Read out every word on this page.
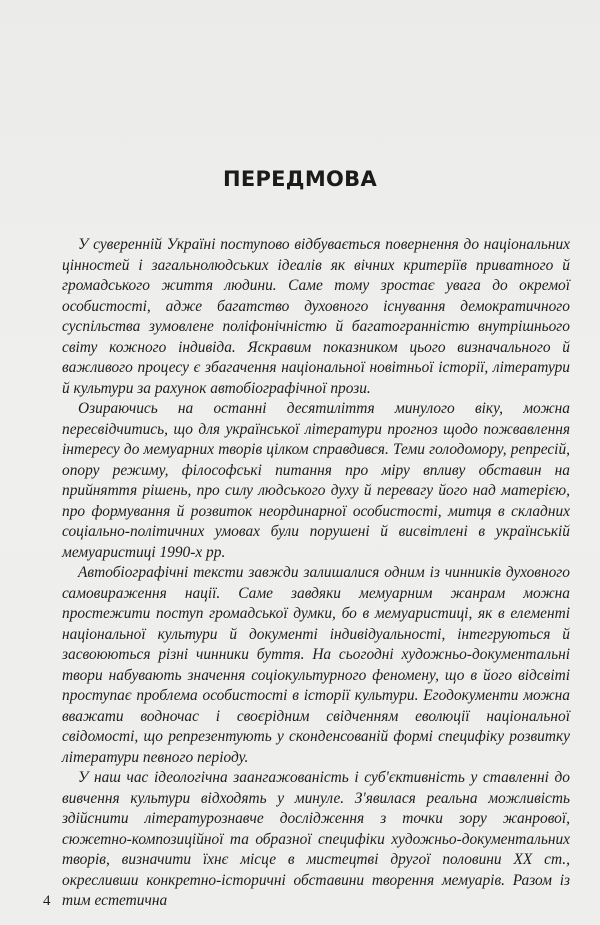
ПЕРЕДМОВА

У суверенній Україні поступово відбувається повернення до національних цінностей і загальнолюдських ідеалів як вічних критеріїв приватного й громадського життя людини. Саме тому зростає увага до окремої особистості, адже багатство духовного існування демократичного суспільства зумовлене поліфонічністю й багатогранністю внутрішнього світу кожного індивіда. Яскравим показником цього визначального й важливого процесу є збагачення національної новітньої історії, літератури й культури за рахунок автобіографічної прози.

Озираючись на останні десятиліття минулого віку, можна пересвідчитись, що для української літератури прогноз щодо пожвавлення інтересу до мемуарних творів цілком справдився. Теми голодомору, репресій, опору режиму, філософські питання про міру впливу обставин на прийняття рішень, про силу людського духу й перевагу його над матерією, про формування й розвиток неординарної особистості, митця в складних соціально-політичних умовах були порушені й висвітлені в українській мемуаристиці 1990-х рр.

Автобіографічні тексти завжди залишалися одним із чинників духовного самовираження нації. Саме завдяки мемуарним жанрам можна простежити поступ громадської думки, бо в мемуаристиці, як в елементі національної культури й документі індивідуальності, інтегруються й засвоюються різні чинники буття. На сьогодні художньо-документальні твори набувають значення соціокультурного феномену, що в його відсвіті проступає проблема особистості в історії культури. Егодокументи можна вважати водночас і своєрідним свідченням еволюції національної свідомості, що репрезентують у сконденсованій формі специфіку розвитку літератури певного періоду.

У наш час ідеологічна заангажованість і суб'єктивність у ставленні до вивчення культури відходять у минуле. З'явилася реальна можливість здійснити літературознавче дослідження з точки зору жанрової, сюжетно-композиційної та образної специфіки художньо-документальних творів, визначити їхнє місце в мистецтві другої половини XX ст., окресливши конкретно-історичні обставини творення мемуарів. Разом із тим естетична

4
